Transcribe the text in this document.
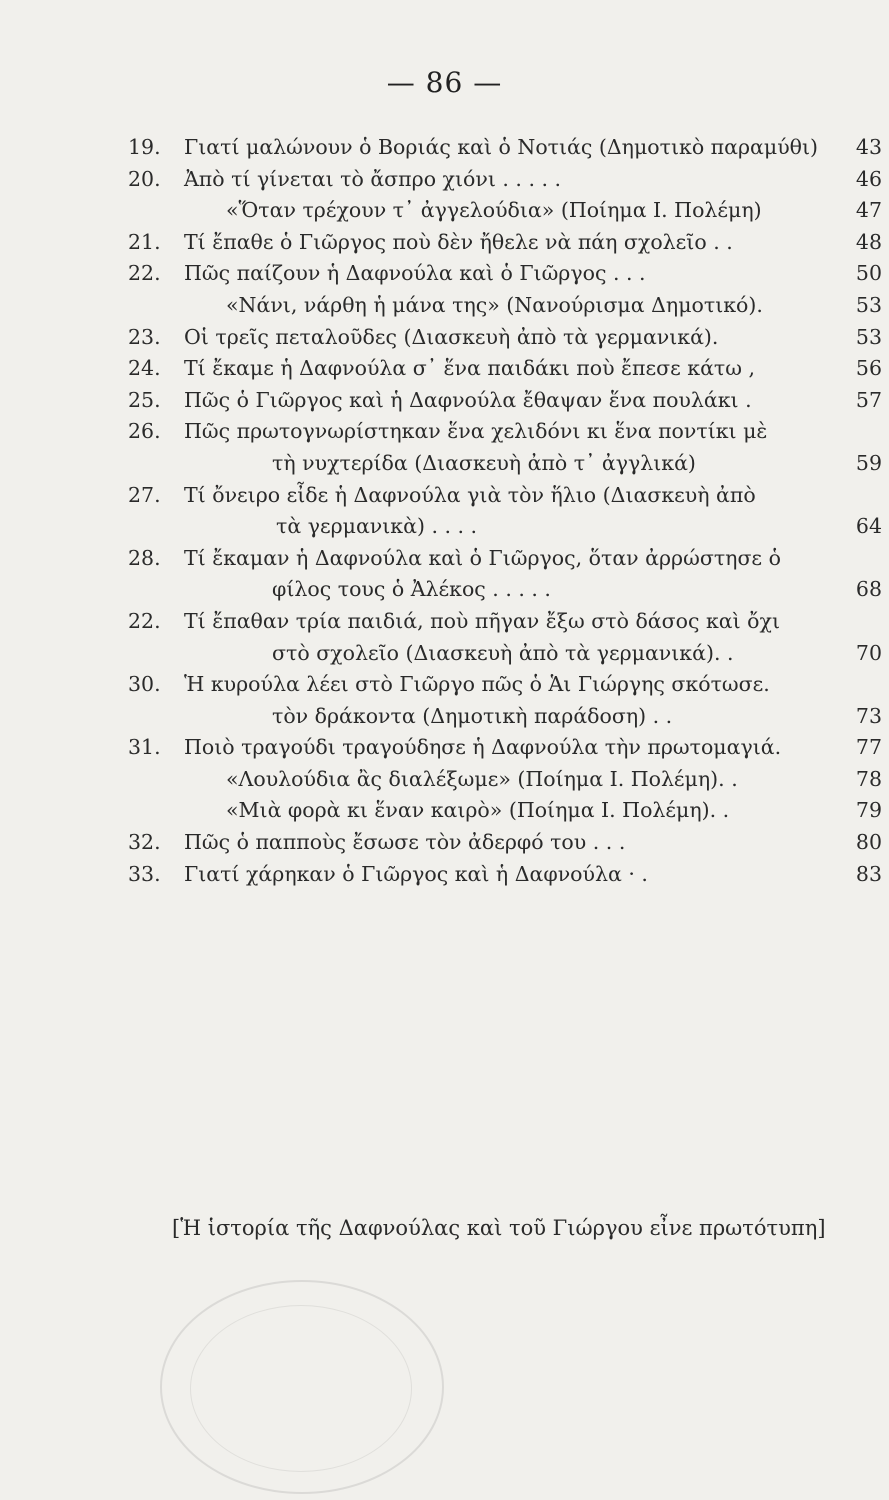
— 86 —
19.	Γιατί μαλώνουν ὁ Βοριάς καὶ ὁ Νοτιάς (Δημοτικὸ παραμύθι) 43
20.	Ἀπὸ τί γίνεται τὸ ἄσπρο χιόνι . . . . .	46
«Ὅταν τρέχουν τ᾿ ἀγγελούδια» (Ποίημα Ι. Πολέμη)	47
21.	Τί ἔπαθε ὁ Γιῶργος ποὺ δὲν ἤθελε νὰ πάη σχολεῖο . .	48
22.	Πῶς παίζουν ἡ Δαφνούλα καὶ ὁ Γιῶργος . . .	50
«Νάνι, νάρθη ἡ μάνα της» (Νανούρισμα Δημοτικό).	53
23.	Οἱ τρεῖς πεταλοῦδες (Διασκευὴ ἀπὸ τὰ γερμανικά).	53
24.	Τί ἔκαμε ἡ Δαφνούλα σ᾿ ἕνα παιδάκι ποὺ ἔπεσε κάτω ,	56
25.	Πῶς ὁ Γιῶργος καὶ ἡ Δαφνούλα ἔθαψαν ἕνα πουλάκι .	57
26.	Πῶς πρωτογνωρίστηκαν ἕνα χελιδόνι κι ἕνα ποντίκι μὲ
τὴ νυχτερίδα (Διασκευὴ ἀπὸ τ᾿ ἀγγλικά)	59
27.	Τί ὄνειρο εἶδε ἡ Δαφνούλα γιὰ τὸν ἥλιο (Διασκευὴ ἀπὸ
τὰ γερμανικὰ) . . . .	64
28.	Τί ἔκαμαν ἡ Δαφνούλα καὶ ὁ Γιῶργος, ὅταν ἀρρώστησε ὁ
φίλος τους ὁ Ἀλέκος . . . . .	68
22.	Τί ἔπαθαν τρία παιδιά, ποὺ πῆγαν ἔξω στὸ δάσος καὶ ὄχι
στὸ σχολεῖο (Διασκευὴ ἀπὸ τὰ γερμανικά). .	70
30.	Ἡ κυρούλα λέει στὸ Γιῶργο πῶς ὁ Ἁι Γιώργης σκότωσε.
τὸν δράκοντα (Δημοτικὴ παράδοση) . .	73
31.	Ποιὸ τραγούδι τραγούδησε ἡ Δαφνούλα τὴν πρωτομαγιά.	77
«Λουλούδια ἂς διαλέξωμε» (Ποίημα Ι. Πολέμη). .	78
«Μιὰ φορὰ κι ἕναν καιρὸ» (Ποίημα Ι. Πολέμη). .	79
32.	Πῶς ὁ παπποὺς ἔσωσε τὸν ἀδερφό του . . .	80
33.	Γιατί χάρηκαν ὁ Γιῶργος καὶ ἡ Δαφνούλα · .	83
[Ἡ ἱστορία τῆς Δαφνούλας καὶ τοῦ Γιώργου εἶνε πρωτότυπη]
